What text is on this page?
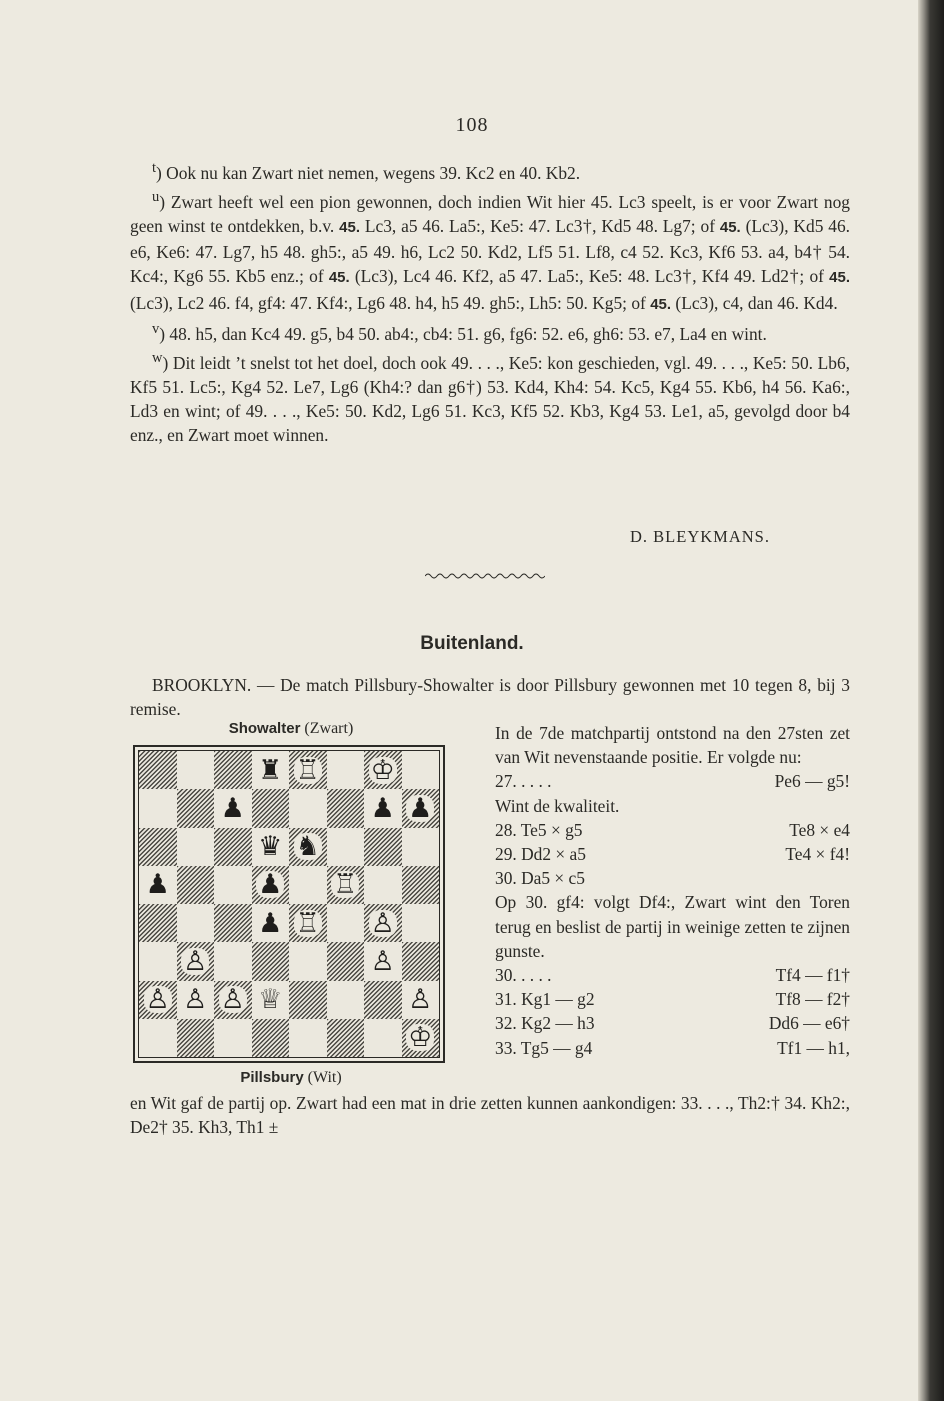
108

$^t$) Ook nu kan Zwart niet nemen, wegens 39. Kc2 en 40. Kb2.

$^u$) Zwart heeft wel een pion gewonnen, doch indien Wit hier 45. Lc3 speelt, is er voor Zwart nog geen winst te ontdekken, b.v. 45. Lc3, a5 46. La5:, Ke5: 47. Lc3†, Kd5 48. Lg7; of 45. (Lc3), Kd5 46. e6, Ke6: 47. Lg7, h5 48. gh5:, a5 49. h6, Lc2 50. Kd2, Lf5 51. Lf8, c4 52. Kc3, Kf6 53. a4, b4† 54. Kc4:, Kg6 55. Kb5 enz.; of 45. (Lc3), Lc4 46. Kf2, a5 47. La5:, Ke5: 48. Lc3†, Kf4 49. Ld2†; of 45. (Lc3), Lc2 46. f4, gf4: 47. Kf4:, Lg6 48. h4, h5 49. gh5:, Lh5: 50. Kg5; of 45. (Lc3), c4, dan 46. Kd4.

$^v$) 48. h5, dan Kc4 49. g5, b4 50. ab4:, cb4: 51. g6, fg6: 52. e6, gh6: 53. e7, La4 en wint.

$^w$) Dit leidt ’t snelst tot het doel, doch ook 49. . . ., Ke5: kon geschieden, vgl. 49. . . ., Ke5: 50. Lb6, Kf5 51. Lc5:, Kg4 52. Le7, Lg6 (Kh4:? dan g6†) 53. Kd4, Kh4: 54. Kc5, Kg4 55. Kb6, h4 56. Ka6:, Ld3 en wint; of 49. . . ., Ke5: 50. Kd2, Lg6 51. Kc3, Kf5 52. Kb3, Kg4 53. Le1, a5, gevolgd door b4 enz., en Zwart moet winnen.

D. BLEYKMANS.
Buitenland.

BROOKLYN. — De match Pillsbury-Showalter is door Pillsbury gewonnen met 10 tegen 8, bij 3 remise.

Showalter (Zwart)
♜ ♖ ♔
♟	♟ ♟
♛ ♞
♟	♟ ♖
♟ ♖ ♙
♙	♙
♙ ♙ ♙ ♕	♙
♔
Pillsbury (Wit)

In de 7de matchpartij ontstond na den 27sten zet van Wit nevenstaande positie. Er volgde nu:

27. . . . .	Pe6 — g5!

Wint de kwaliteit.

28. Te5 × g5	Te8 × e4
29. Dd2 × a5	Te4 × f4!
30. Da5 × c5

Op 30. gf4: volgt Df4:, Zwart wint den Toren terug en beslist de partij in weinige zetten te zijnen gunste.

30. . . . .	Tf4 — f1†
31. Kg1 — g2	Tf8 — f2†
32. Kg2 — h3	Dd6 — e6†
33. Tg5 — g4	Tf1 — h1,

en Wit gaf de partij op. Zwart had een mat in drie zetten kunnen aankondigen: 33. . . ., Th2:† 34. Kh2:, De2† 35. Kh3, Th1 ±
